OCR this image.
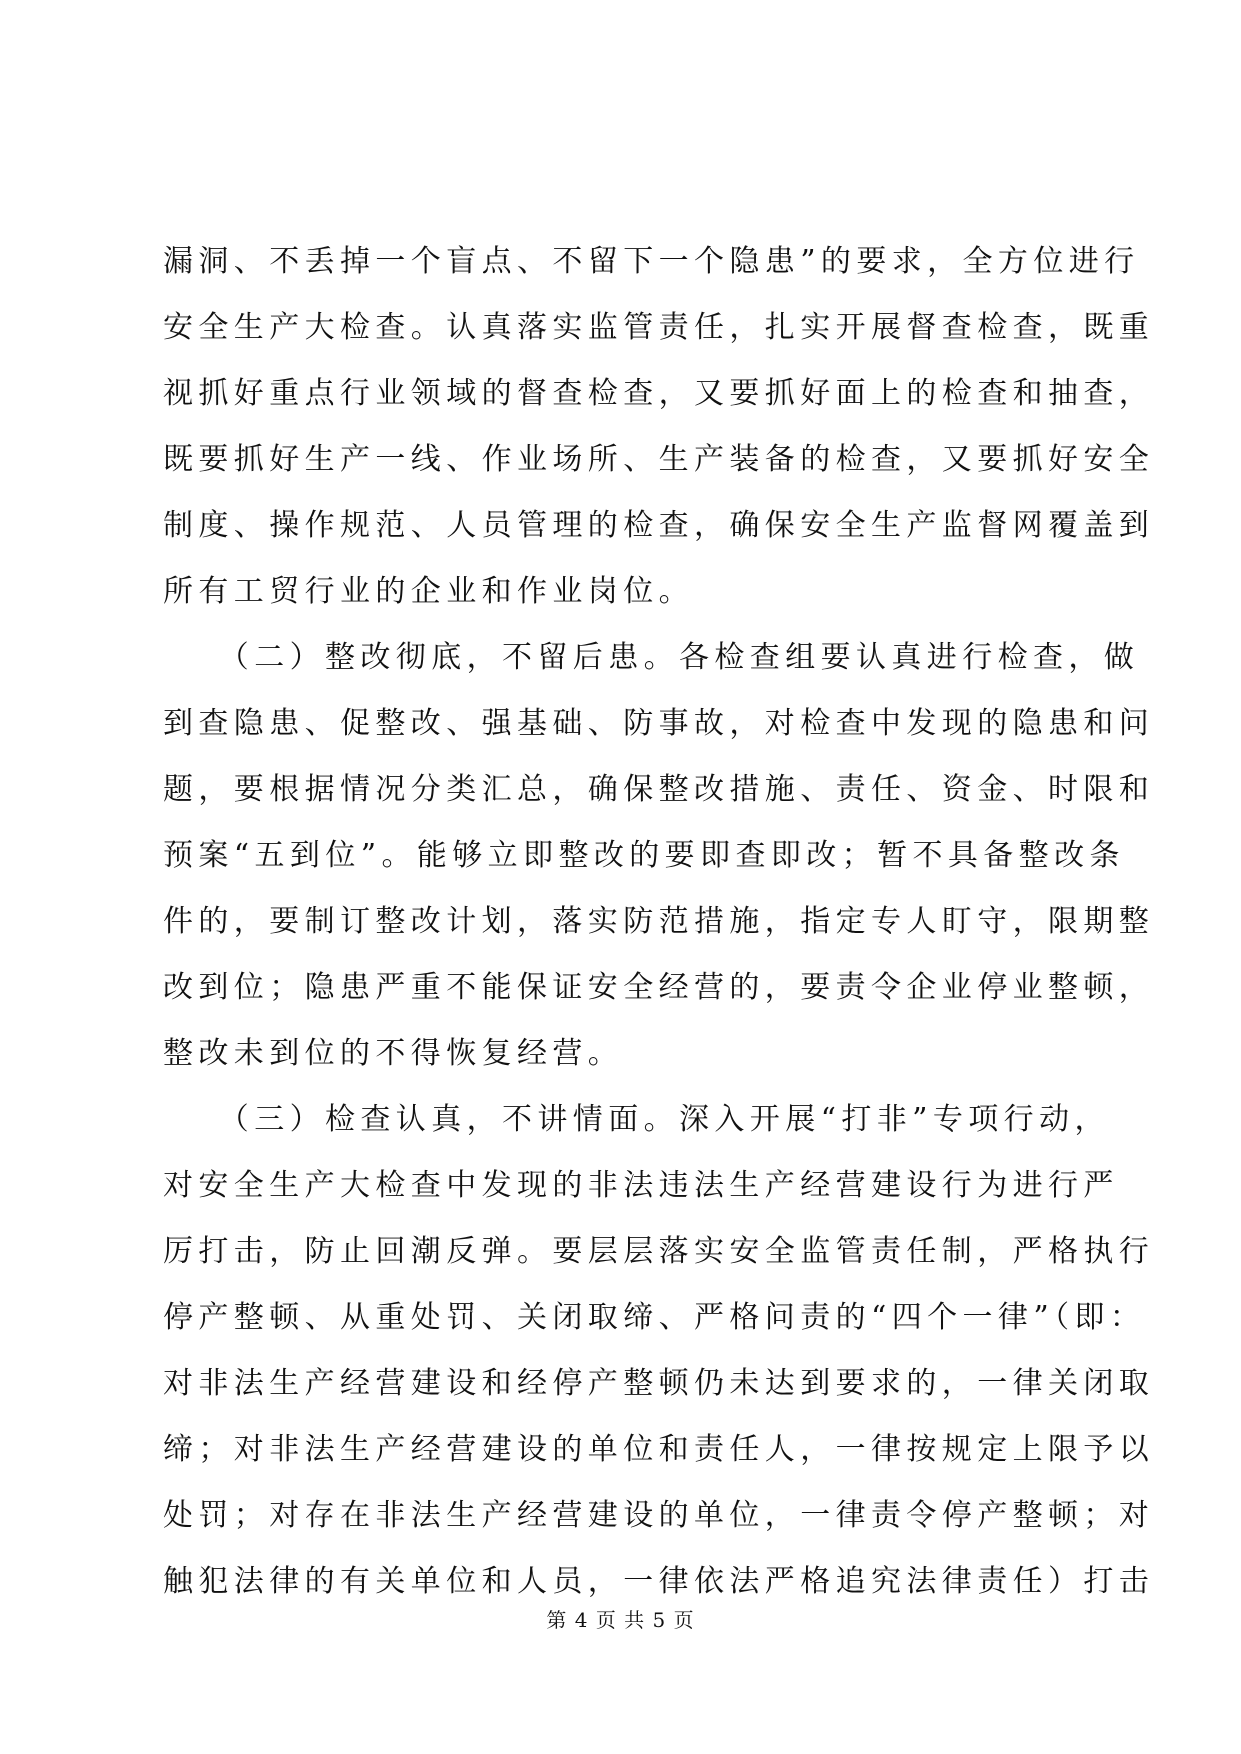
漏洞、不丢掉一个盲点、不留下一个隐患”的要求，全方位进行
安全生产大检查。认真落实监管责任，扎实开展督查检查，既重
视抓好重点行业领域的督查检查，又要抓好面上的检查和抽查，
既要抓好生产一线、作业场所、生产装备的检查，又要抓好安全
制度、操作规范、人员管理的检查，确保安全生产监督网覆盖到
所有工贸行业的企业和作业岗位。
　　（二）整改彻底，不留后患。各检查组要认真进行检查，做
到查隐患、促整改、强基础、防事故，对检查中发现的隐患和问
题，要根据情况分类汇总，确保整改措施、责任、资金、时限和
预案“五到位”。能够立即整改的要即查即改；暂不具备整改条
件的，要制订整改计划，落实防范措施，指定专人盯守，限期整
改到位；隐患严重不能保证安全经营的，要责令企业停业整顿，
整改未到位的不得恢复经营。
　　（三）检查认真，不讲情面。深入开展“打非”专项行动，
对安全生产大检查中发现的非法违法生产经营建设行为进行严
厉打击，防止回潮反弹。要层层落实安全监管责任制，严格执行
停产整顿、从重处罚、关闭取缔、严格问责的“四个一律”（即：
对非法生产经营建设和经停产整顿仍未达到要求的，一律关闭取
缔；对非法生产经营建设的单位和责任人，一律按规定上限予以
处罚；对存在非法生产经营建设的单位，一律责令停产整顿；对
触犯法律的有关单位和人员，一律依法严格追究法律责任）打击
第 4 页 共 5 页
